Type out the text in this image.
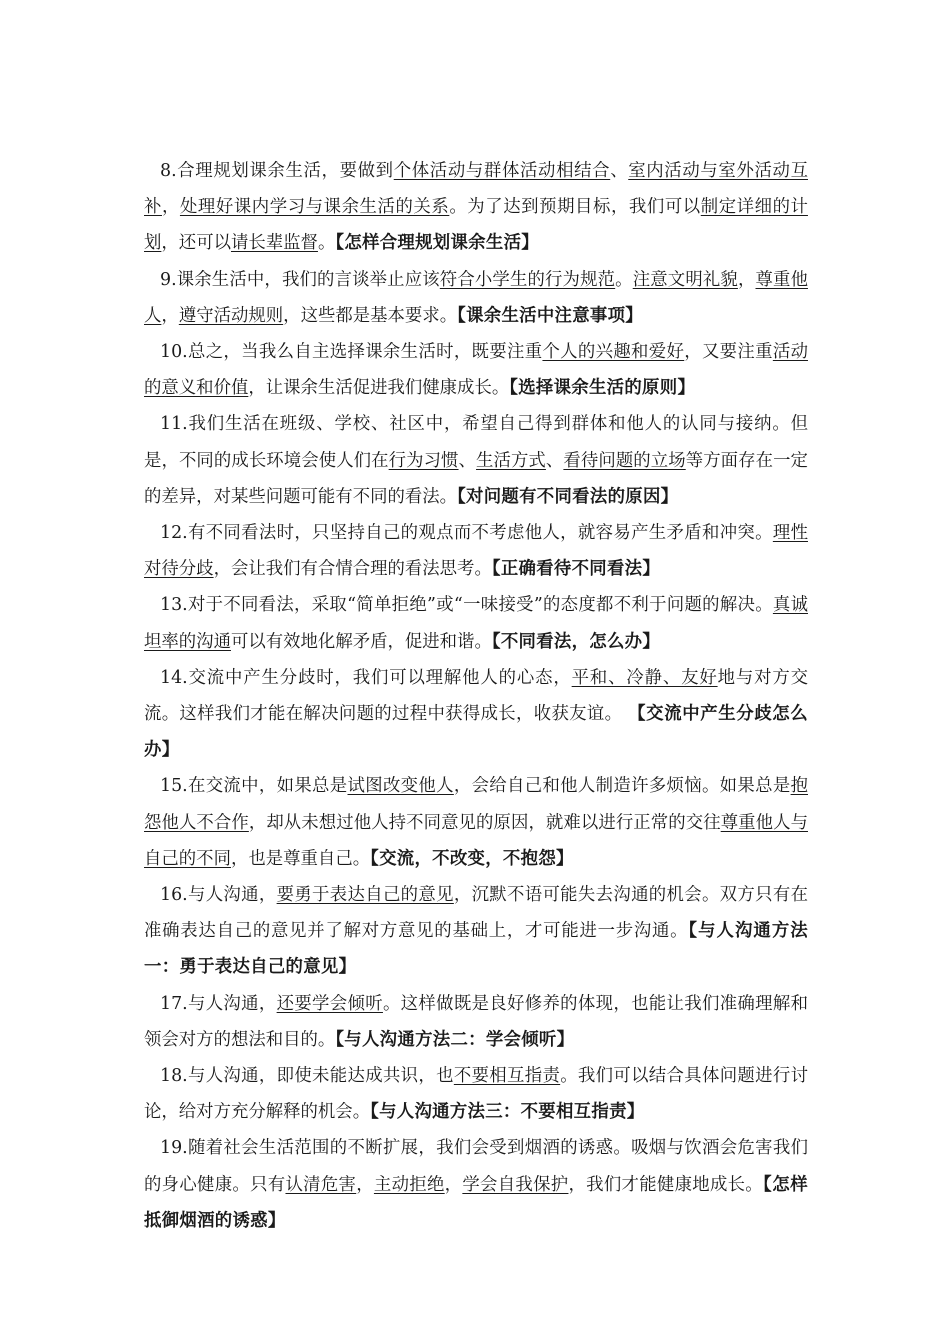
8.合理规划课余生活，要做到个体活动与群体活动相结合、室内活动与室外活动互补，处理好课内学习与课余生活的关系。为了达到预期目标，我们可以制定详细的计划，还可以请长辈监督。【怎样合理规划课余生活】

9.课余生活中，我们的言谈举止应该符合小学生的行为规范。注意文明礼貌，尊重他人，遵守活动规则，这些都是基本要求。【课余生活中注意事项】

10.总之，当我么自主选择课余生活时，既要注重个人的兴趣和爱好，又要注重活动的意义和价值，让课余生活促进我们健康成长。【选择课余生活的原则】

11.我们生活在班级、学校、社区中，希望自己得到群体和他人的认同与接纳。但是，不同的成长环境会使人们在行为习惯、生活方式、看待问题的立场等方面存在一定的差异，对某些问题可能有不同的看法。【对问题有不同看法的原因】

12.有不同看法时，只坚持自己的观点而不考虑他人，就容易产生矛盾和冲突。理性对待分歧，会让我们有合情合理的看法思考。【正确看待不同看法】

13.对于不同看法，采取“简单拒绝”或“一味接受”的态度都不利于问题的解决。真诚坦率的沟通可以有效地化解矛盾，促进和谐。【不同看法，怎么办】

14.交流中产生分歧时，我们可以理解他人的心态，平和、冷静、友好地与对方交流。这样我们才能在解决问题的过程中获得成长，收获友谊。 【交流中产生分歧怎么办】

15.在交流中，如果总是试图改变他人，会给自己和他人制造许多烦恼。如果总是抱怨他人不合作，却从未想过他人持不同意见的原因，就难以进行正常的交往尊重他人与自己的不同，也是尊重自己。【交流，不改变，不抱怨】

16.与人沟通，要勇于表达自己的意见，沉默不语可能失去沟通的机会。双方只有在准确表达自己的意见并了解对方意见的基础上，才可能进一步沟通。【与人沟通方法一：勇于表达自己的意见】

17.与人沟通，还要学会倾听。这样做既是良好修养的体现，也能让我们准确理解和领会对方的想法和目的。【与人沟通方法二：学会倾听】

18.与人沟通，即使未能达成共识，也不要相互指责。我们可以结合具体问题进行讨论，给对方充分解释的机会。【与人沟通方法三：不要相互指责】

19.随着社会生活范围的不断扩展，我们会受到烟酒的诱惑。吸烟与饮酒会危害我们的身心健康。只有认清危害，主动拒绝，学会自我保护，我们才能健康地成长。【怎样抵御烟酒的诱惑】
